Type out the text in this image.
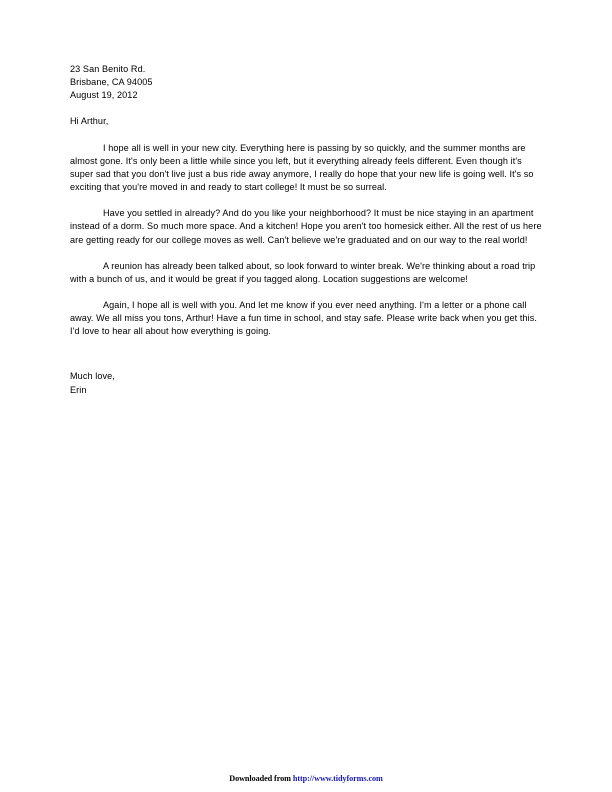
23 San Benito Rd.
Brisbane, CA 94005
August 19, 2012

Hi Arthur,

I hope all is well in your new city. Everything here is passing by so quickly, and the summer months are almost gone. It's only been a little while since you left, but it everything already feels different. Even though it's super sad that you don't live just a bus ride away anymore, I really do hope that your new life is going well. It's so exciting that you're moved in and ready to start college! It must be so surreal.

Have you settled in already? And do you like your neighborhood? It must be nice staying in an apartment instead of a dorm. So much more space. And a kitchen! Hope you aren't too homesick either. All the rest of us here are getting ready for our college moves as well. Can't believe we're graduated and on our way to the real world!

A reunion has already been talked about, so look forward to winter break. We're thinking about a road trip with a bunch of us, and it would be great if you tagged along. Location suggestions are welcome!

Again, I hope all is well with you. And let me know if you ever need anything. I'm a letter or a phone call away. We all miss you tons, Arthur! Have a fun time in school, and stay safe. Please write back when you get this. I'd love to hear all about how everything is going.

Much love,
Erin
Downloaded from http://www.tidyforms.com
